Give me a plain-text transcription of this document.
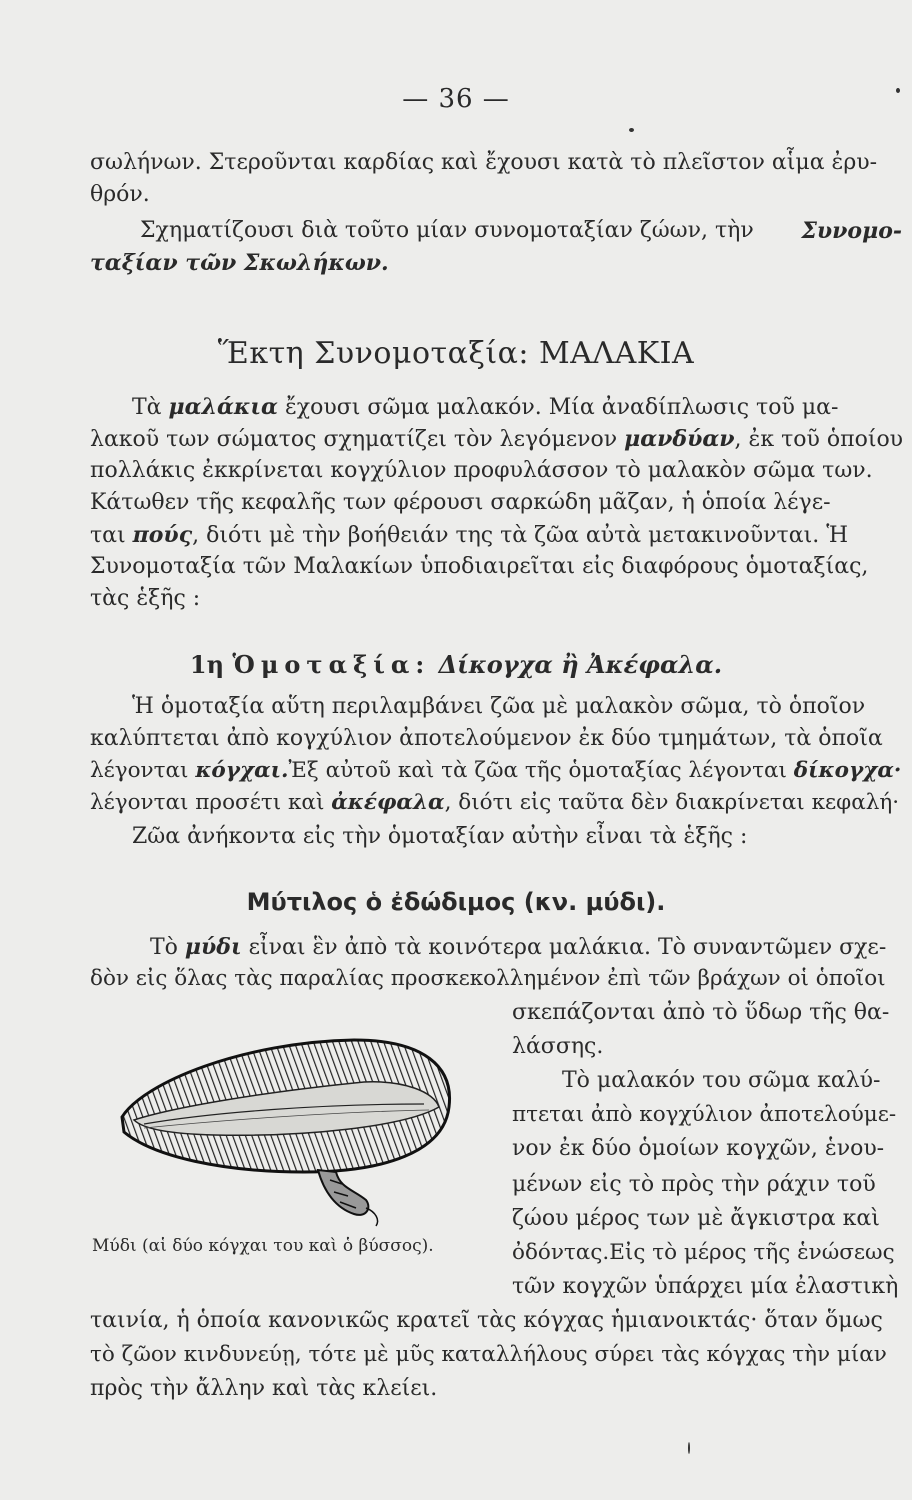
— 36 —
σωλήνων. Στεροῦνται καρδίας καὶ ἔχουσι κατὰ τὸ πλεῖστον αἷμα ἐρυ-
θρόν.
Σχηματίζουσι διὰ τοῦτο μίαν συνομοταξίαν ζώων, τὴν Συνομο-
ταξίαν τῶν Σκωλήκων.
Ἕκτη Συνομοταξία: ΜΑΛΑΚΙΑ
Τὰ μαλάκια ἔχουσι σῶμα μαλακόν. Μία ἀναδίπλωσις τοῦ μα-
λακοῦ των σώματος σχηματίζει τὸν λεγόμενον μανδύαν, ἐκ τοῦ ὁποίου
πολλάκις ἐκκρίνεται κογχύλιον προφυλάσσον τὸ μαλακὸν σῶμα των.
Κάτωθεν τῆς κεφαλῆς των φέρουσι σαρκώδη μᾶζαν, ἡ ὁποία λέγε-
ται πούς, διότι μὲ τὴν βοήθειάν της τὰ ζῶα αὐτὰ μετακινοῦνται. Ἡ
Συνομοταξία τῶν Μαλακίων ὑποδιαιρεῖται εἰς διαφόρους ὁμοταξίας,
τὰς ἑξῆς :
1η Ὁμοταξία: Δίκογχα ἢ Ἀκέφαλα.
Ἡ ὁμοταξία αὕτη περιλαμβάνει ζῶα μὲ μαλακὸν σῶμα, τὸ ὁποῖον
καλύπτεται ἀπὸ κογχύλιον ἀποτελούμενον ἐκ δύο τμημάτων, τὰ ὁποῖα
λέγονται κόγχαι.Ἐξ αὐτοῦ καὶ τὰ ζῶα τῆς ὁμοταξίας λέγονται δίκογχα·
λέγονται προσέτι καὶ ἀκέφαλα, διότι εἰς ταῦτα δὲν διακρίνεται κεφαλή·
Ζῶα ἀνήκοντα εἰς τὴν ὁμοταξίαν αὐτὴν εἶναι τὰ ἑξῆς :
Μύτιλος ὁ ἐδώδιμος (κν. μύδι).
Τὸ μύδι εἶναι ἓν ἀπὸ τὰ κοινότερα μαλάκια. Τὸ συναντῶμεν σχε-
δὸν εἰς ὅλας τὰς παραλίας προσκεκολλημένον ἐπὶ τῶν βράχων οἱ ὁποῖοι
σκεπάζονται ἀπὸ τὸ ὕδωρ τῆς θα-
λάσσης.
Τὸ μαλακόν του σῶμα καλύ-
πτεται ἀπὸ κογχύλιον ἀποτελούμε-
νον ἐκ δύο ὁμοίων κογχῶν, ἑνου-
μένων εἰς τὸ πρὸς τὴν ράχιν τοῦ
ζώου μέρος των μὲ ἄγκιστρα καὶ
ὀδόντας.Εἰς τὸ μέρος τῆς ἑνώσεως
τῶν κογχῶν ὑπάρχει μία ἐλαστικὴ
Μύδι (αἱ δύο κόγχαι του καὶ ὁ βύσσος).
ταινία, ἡ ὁποία κανονικῶς κρατεῖ τὰς κόγχας ἡμιανοικτάς· ὅταν ὅμως
τὸ ζῶον κινδυνεύῃ, τότε μὲ μῦς καταλλήλους σύρει τὰς κόγχας τὴν μίαν
πρὸς τὴν ἄλλην καὶ τὰς κλείει.
